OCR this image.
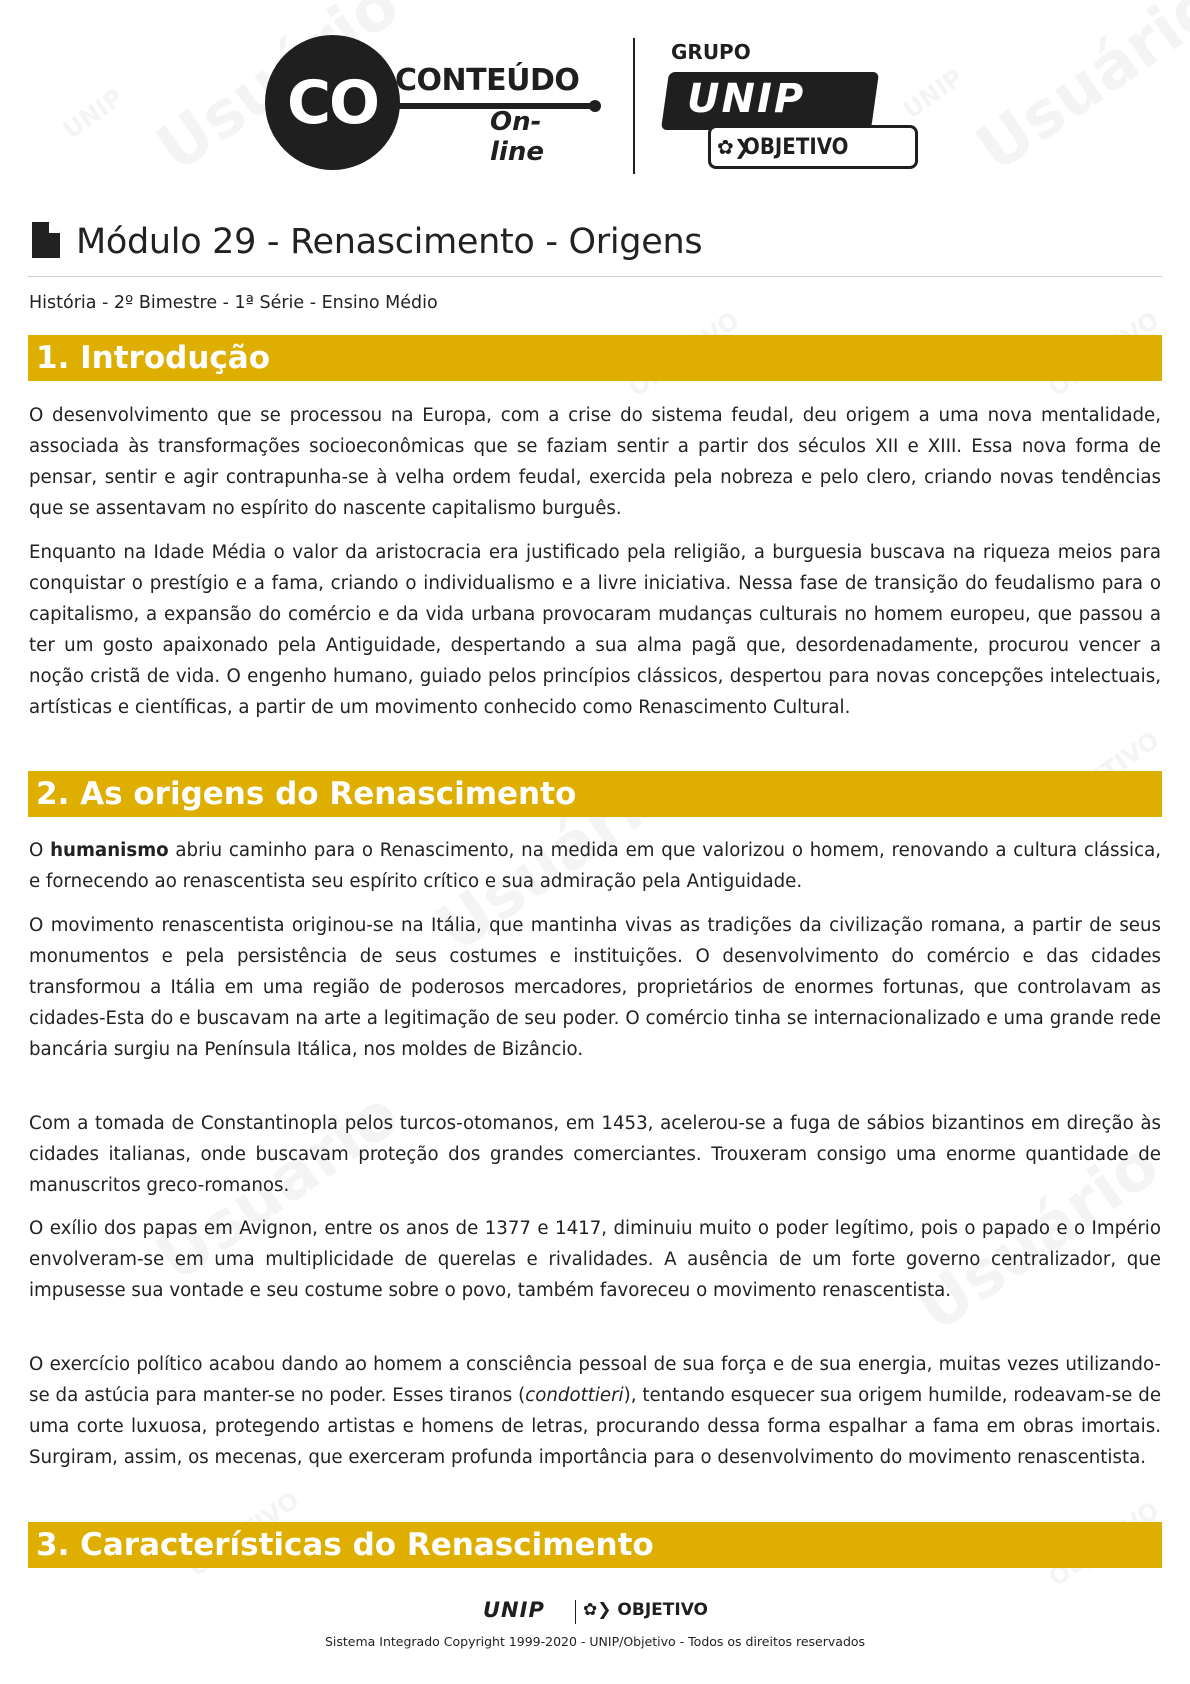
CO CONTEÚDO
On-line
GRUPO
UNIP
✿❯
OBJETIVO
Módulo 29 - Renascimento - Origens
História - 2º Bimestre - 1ª Série - Ensino Médio
1. Introdução

O desenvolvimento que se processou na Europa, com a crise do sistema feudal, deu origem a uma nova mentalidade, associada às transformações socioeconômicas que se faziam sentir a partir dos séculos XII e XIII. Essa nova forma de pensar, sentir e agir contrapunha-se à velha ordem feudal, exercida pela nobreza e pelo clero, criando novas tendências que se assentavam no espírito do nascente capitalismo burguês.

Enquanto na Idade Média o valor da aristocracia era justificado pela religião, a burguesia buscava na riqueza meios para conquistar o prestígio e a fama, criando o individualismo e a livre iniciativa. Nessa fase de transição do feudalismo para o capitalismo, a expansão do comércio e da vida urbana provocaram mudanças culturais no homem europeu, que passou a ter um gosto apaixonado pela Antiguidade, despertando a sua alma pagã que, desordenadamente, procurou vencer a noção cristã de vida. O engenho humano, guiado pelos princípios clássicos, despertou para novas concepções intelectuais, artísticas e científicas, a partir de um movimento conhecido como Renascimento Cultural.

2. As origens do Renascimento

O humanismo abriu caminho para o Renascimento, na medida em que valorizou o homem, renovando a cultura clássica, e fornecendo ao renascentista seu espírito crítico e sua admiração pela Antiguidade.

O movimento renascentista originou-se na Itália, que mantinha vivas as tradições da civilização romana, a partir de seus monumentos e pela persistência de seus costumes e instituições. O desenvolvimento do comércio e das cidades transformou a Itália em uma região de poderosos mercadores, proprietários de enormes fortunas, que controlavam as cidades-Esta do e buscavam na arte a legitimação de seu poder. O comércio tinha se internacionalizado e uma grande rede bancária surgiu na Península Itálica, nos moldes de Bizâncio.

Com a tomada de Constantinopla pelos turcos-otomanos, em 1453, acelerou-se a fuga de sábios bizantinos em direção às cidades italianas, onde buscavam proteção dos grandes comerciantes. Trouxeram consigo uma enorme quantidade de manuscritos greco-romanos.

O exílio dos papas em Avignon, entre os anos de 1377 e 1417, diminuiu muito o poder legítimo, pois o papado e o Império envolveram-se em uma multiplicidade de querelas e rivalidades. A ausência de um forte governo centralizador, que impusesse sua vontade e seu costume sobre o povo, também favoreceu o movimento renascentista.

O exercício político acabou dando ao homem a consciência pessoal de sua força e de sua energia, muitas vezes utilizando-se da astúcia para manter-se no poder. Esses tiranos (condottieri), tentando esquecer sua origem humilde, rodeavam-se de uma corte luxuosa, protegendo artistas e homens de letras, procurando dessa forma espalhar a fama em obras imortais. Surgiram, assim, os mecenas, que exerceram profunda importância para o desenvolvimento do movimento renascentista.

3. Características do Renascimento
UNIP ✿❯ OBJETIVO
Sistema Integrado Copyright 1999-2020 - UNIP/Objetivo - Todos os direitos reservados
